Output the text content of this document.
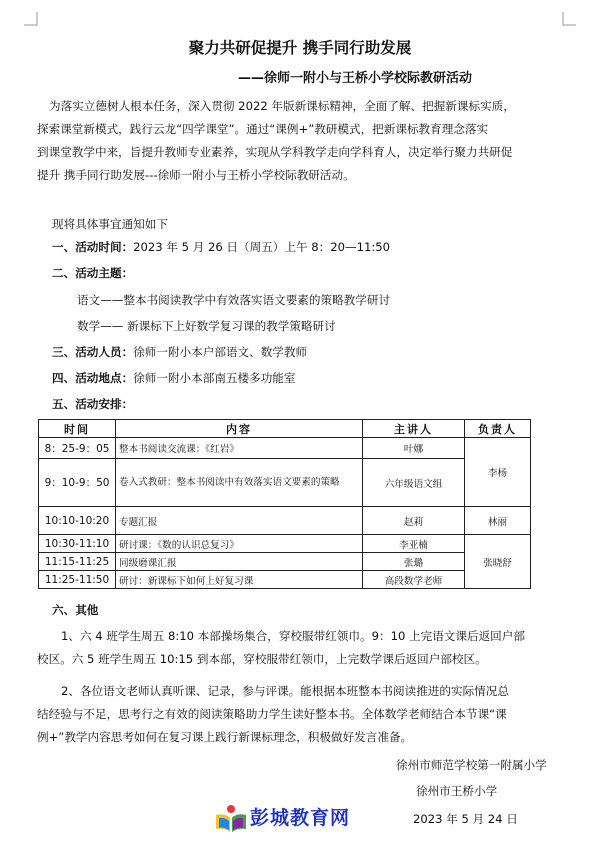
聚力共研促提升 携手同行助发展
——徐师一附小与王桥小学校际教研活动
为落实立德树人根本任务，深入贯彻 2022 年版新课标精神，全面了解、把握新课标实质，
探索课堂新模式，践行云龙“四学课堂”。通过“课例+”教研模式，把新课标教育理念落实
到课堂教学中来，旨提升教师专业素养，实现从学科教学走向学科育人，决定举行聚力共研促
提升 携手同行助发展---徐师一附小与王桥小学校际教研活动。
现将具体事宜通知如下
一、活动时间：2023 年 5 月 26 日（周五）上午 8：20—11:50
二、活动主题：
语文——整本书阅读教学中有效落实语文要素的策略教学研讨
数学—— 新课标下上好数学复习课的教学策略研讨
三、活动人员：徐师一附小本户部语文、数学教师
四、活动地点：徐师一附小本部南五楼多功能室
五、活动安排：
时间	内容	主讲人	负责人
8：25-9：05	整本书阅读交流课：《红岩》	叶娜	李杨
9：10-9：50	卷入式教研：整本书阅读中有效落实语文要素的策略	六年级语文组	
10:10-10:20	专题汇报	赵莉	林丽
10:30-11:10	研讨课：《数的认识总复习》	李亚楠	张晓舒
11:15-11:25	同级磨课汇报	张璐	
11:25-11:50	研讨：新课标下如何上好复习课	高段数学老师	
六、其他
1、六 4 班学生周五 8:10 本部操场集合，穿校服带红领巾。9：10 上完语文课后返回户部
校区。六 5 班学生周五 10:15 到本部，穿校服带红领巾，上完数学课后返回户部校区。
2、各位语文老师认真听课、记录，参与评课。能根据本班整本书阅读推进的实际情况总
结经验与不足，思考行之有效的阅读策略助力学生读好整本书。全体数学老师结合本节课“课
例+”教学内容思考如何在复习课上践行新课标理念，积极做好发言准备。
徐州市师范学校第一附属小学
徐州市王桥小学
2023 年 5 月 24 日
彭城教育网
